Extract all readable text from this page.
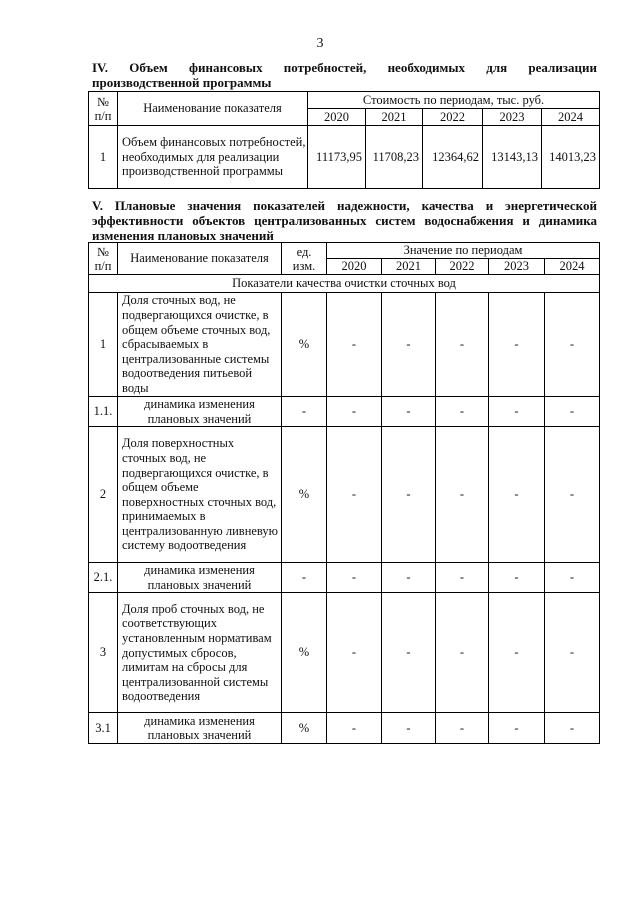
3
IV. Объем финансовых потребностей, необходимых для реализации производственной программы
№
п/п	Наименование показателя	Стоимость по периодам, тыс. руб.				
		2020	2021	2022	2023	2024
1	Объем финансовых потребностей, необходимых для реализации производственной программы	11173,95	11708,23	12364,62	13143,13	14013,23
V. Плановые значения показателей надежности, качества и энергетической эффективности объектов централизованных систем водоснабжения и динамика изменения плановых значений
№
п/п	Наименование показателя	ед.
изм.	Значение по периодам				
			2020	2021	2022	2023	2024
Показатели качества очистки сточных вод							
1	Доля сточных вод, не подвергающихся очистке, в общем объеме сточных вод, сбрасываемых в централизованные системы водоотведения питьевой воды	%	-	-	-	-	-
1.1.	динамика изменения плановых значений	-	-	-	-	-	-
2	Доля поверхностных сточных вод, не подвергающихся очистке, в общем объеме поверхностных сточных вод, принимаемых в централизованную ливневую систему водоотведения	%	-	-	-	-	-
2.1.	динамика изменения плановых значений	-	-	-	-	-	-
3	Доля проб сточных вод, не соответствующих установленным нормативам допустимых сбросов, лимитам на сбросы для централизованной системы водоотведения	%	-	-	-	-	-
3.1	динамика изменения плановых значений	%	-	-	-	-	-
